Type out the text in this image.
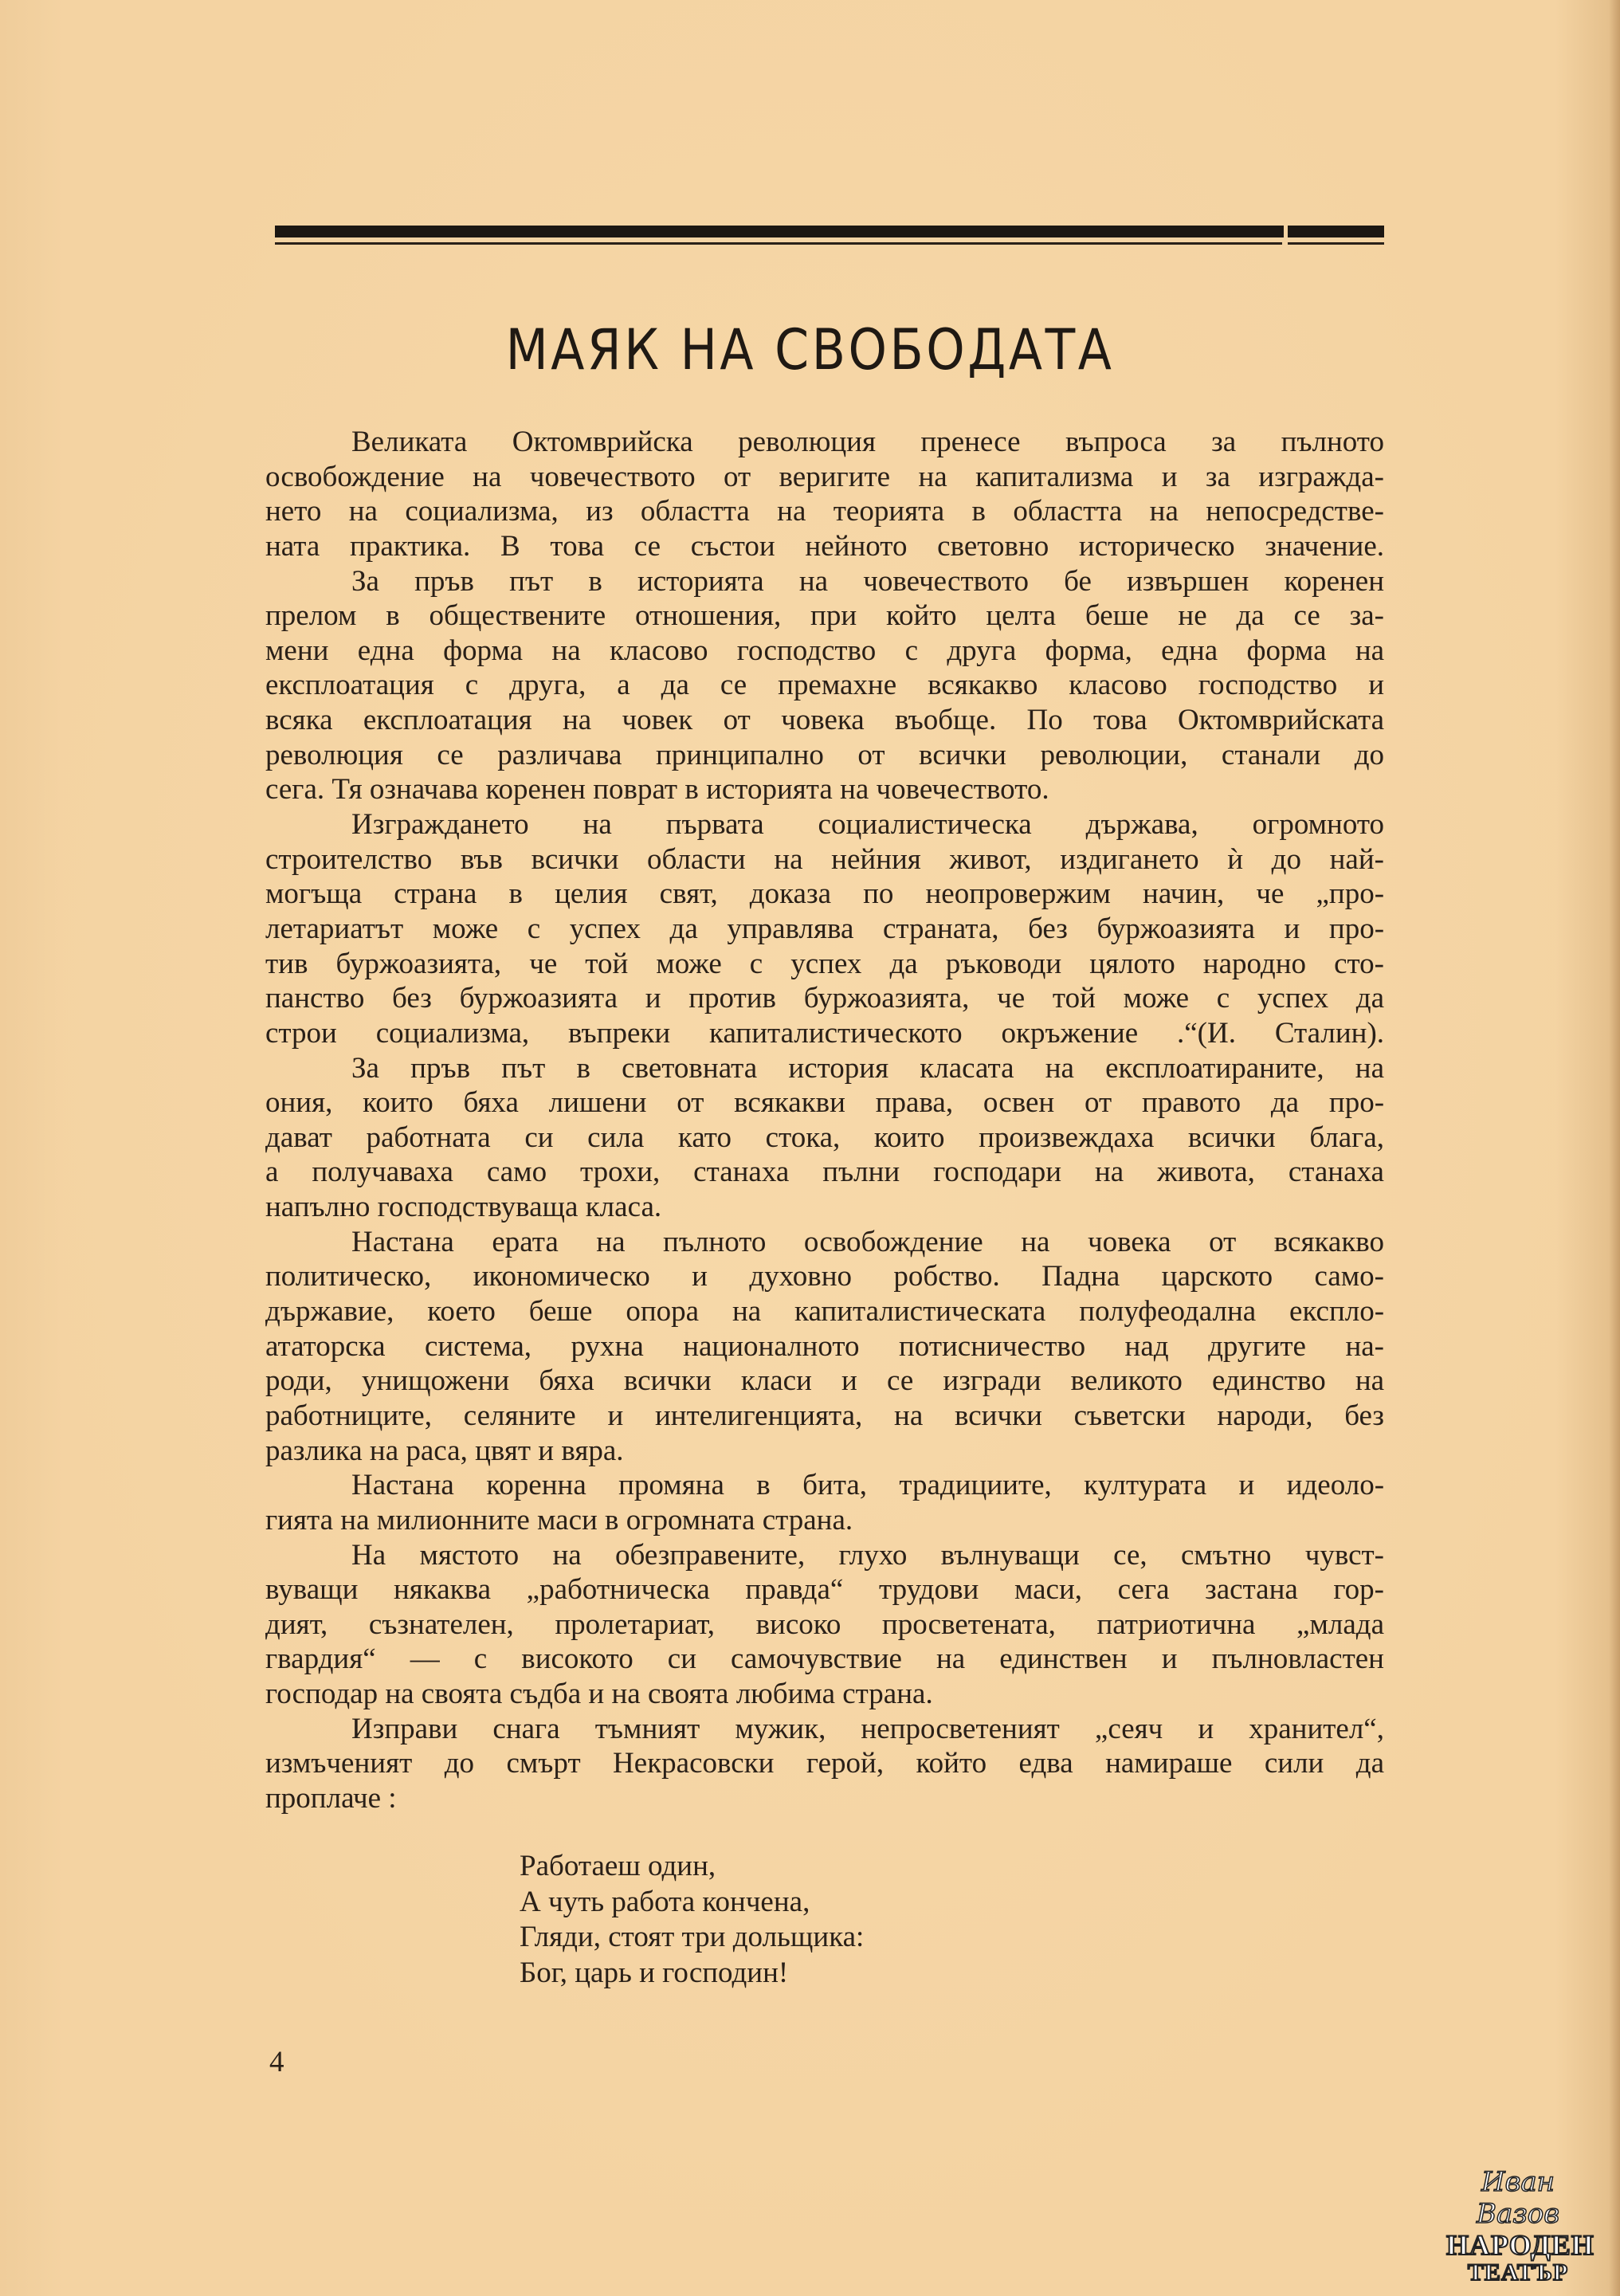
МАЯК НА СВОБОДАТА
Великата Октомврийска революция пренесе въпроса за пълното
освобождение на човечеството от веригите на капитализма и за изгражда-
нето на социализма, из областта на теорията в областта на непосредстве-
ната практика. В това се състои нейното световно историческо значение.
За пръв път в историята на човечеството бе извършен коренен
прелом в обществените отношения, при който целта беше не да се за-
мени една форма на класово господство с друга форма, една форма на
експлоатация с друга, а да се премахне всякакво класово господство и
всяка експлоатация на човек от човека въобще. По това Октомврийската
революция се различава принципално от всички революции, станали до
сега. Тя означава коренен поврат в историята на човечеството.
Изграждането на първата социалистическа държава, огромното
строителство във всички области на нейния живот, издигането ѝ до най-
могъща страна в целия свят, доказа по неопровержим начин, че „про-
летариатът може с успех да управлява страната, без буржоазията и про-
тив буржоазията, че той може с успех да ръководи цялото народно сто-
панство без буржоазията и против буржоазията, че той може с успех да
строи социализма, въпреки капиталистическото окръжение .“(И. Сталин).
За пръв път в световната история класата на експлоатираните, на
ония, които бяха лишени от всякакви права, освен от правото да про-
дават работната си сила като стока, които произвеждаха всички блага,
а получаваха само трохи, станаха пълни господари на живота, станаха
напълно господствуваща класа.
Настана ерата на пълното освобождение на човека от всякакво
политическо, икономическо и духовно робство. Падна царското само-
държавие, което беше опора на капиталистическата полуфеодална експло-
ататорска система, рухна националното потисничество над другите на-
роди, унищожени бяха всички класи и се изгради великото единство на
работниците, селяните и интелигенцията, на всички съветски народи, без
разлика на раса, цвят и вяра.
Настана коренна промяна в бита, традициите, културата и идеоло-
гията на милионните маси в огромната страна.
На мястото на обезправените, глухо вълнуващи се, смътно чувст-
вуващи някаква „работническа правда“ трудови маси, сега застана гор-
дият, съзнателен, пролетариат, високо просветената, патриотична „млада
гвардия“ — с високото си самочувствие на единствен и пълновластен
господар на своята съдба и на своята любима страна.
Изправи снага тъмният мужик, непросветеният „сеяч и хранител“,
измъченият до смърт Некрасовски герой, който едва намираше сили да
проплаче :
Работаеш один,
А чуть работа кончена,
Гляди, стоят три дольщика:
Бог, царь и господин!
4
Иван Вазов
НАРОДЕН
ТЕАТЪР
